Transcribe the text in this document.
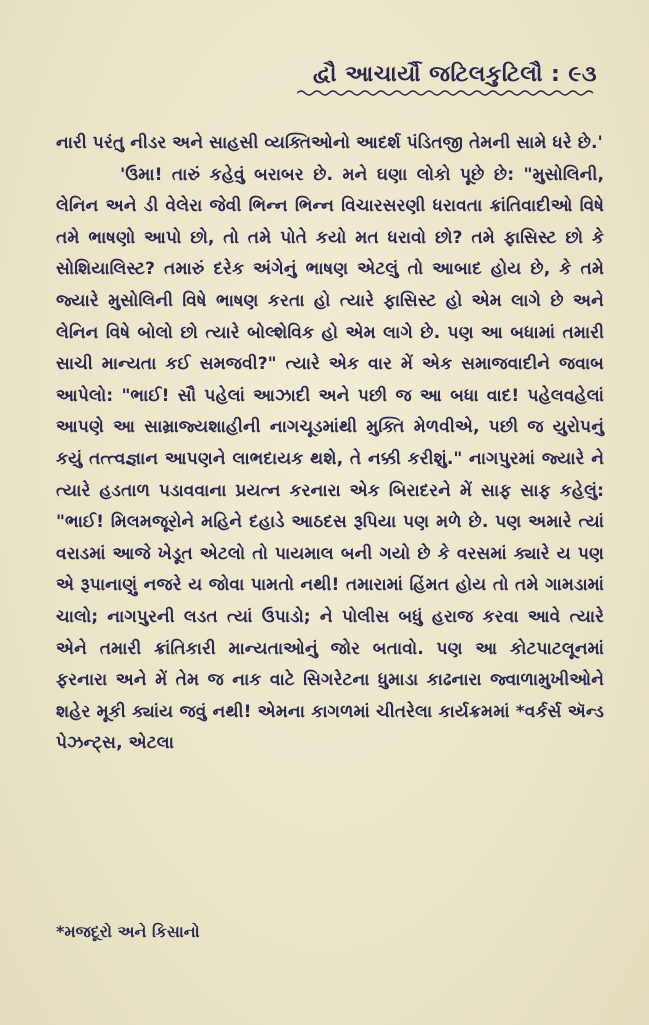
દ્વૌ આચાર્યૌ જટિલકુટિલૌ : ૯૩

નારી પરંતુ નીડર અને સાહસી વ્યક્તિઓનો આદર્શ પંડિતજી તેમની સામે ધરે છે.'

'ઉમા! તારું કહેવું બરાબર છે. મને ઘણા લોકો પૂછે છે: "મુસોલિની, લેનિન અને ડી વેલેરા જેવી ભિન્ન ભિન્ન વિચારસરણી ધરાવતા ક્રાંતિવાદીઓ વિષે તમે ભાષણો આપો છો, તો તમે પોતે કયો મત ધરાવો છો? તમે ફાસિસ્ટ છો કે સોશિયાલિસ્ટ? તમારું દરેક અંગેનું ભાષણ એટલું તો આબાદ હોય છે, કે તમે જ્યારે મુસોલિની વિષે ભાષણ કરતા હો ત્યારે ફાસિસ્ટ હો એમ લાગે છે અને લેનિન વિષે બોલો છો ત્યારે બોલ્શેવિક હો એમ લાગે છે. પણ આ બધામાં તમારી સાચી માન્યતા કઈ સમજવી?" ત્યારે એક વાર મેં એક સમાજવાદીને જવાબ આપેલો: "ભાઈ! સૌ પહેલાં આઝાદી અને પછી જ આ બધા વાદ! પહેલવહેલાં આપણે આ સામ્રાજ્યશાહીની નાગચૂડમાંથી મુક્તિ મેળવીએ, પછી જ યુરોપનું કયું તત્ત્વજ્ઞાન આપણને લાભદાયક થશે, તે નક્કી કરીશું." નાગપુરમાં જ્યારે ને ત્યારે હડતાળ પડાવવાના પ્રયત્ન કરનારા એક બિરાદરને મેં સાફ સાફ કહેલું: "ભાઈ! મિલમજૂરોને મહિને દહાડે આઠદસ રૂપિયા પણ મળે છે. પણ અમારે ત્યાં વરાડમાં આજે ખેડૂત એટલો તો પાયમાલ બની ગયો છે કે વરસમાં ક્યારે ય પણ એ રૂપાનાણું નજરે ય જોવા પામતો નથી! તમારામાં હિંમત હોય તો તમે ગામડામાં ચાલો; નાગપુરની લડત ત્યાં ઉપાડો; ને પોલીસ બધું હરાજ કરવા આવે ત્યારે એને તમારી ક્રાંતિકારી માન્યતાઓનું જોર બતાવો. પણ આ કોટપાટલૂનમાં ફરનારા અને મેં તેમ જ નાક વાટે સિગરેટના ધુમાડા કાઢનારા જ્વાળામુખીઓને શહેર મૂકી ક્યાંય જવું નથી! એમના કાગળમાં ચીતરેલા કાર્યક્રમમાં *વર્કર્સ ઍન્ડ પેઝન્ટ્સ, એટલા

*મજદૂરો અને કિસાનો
